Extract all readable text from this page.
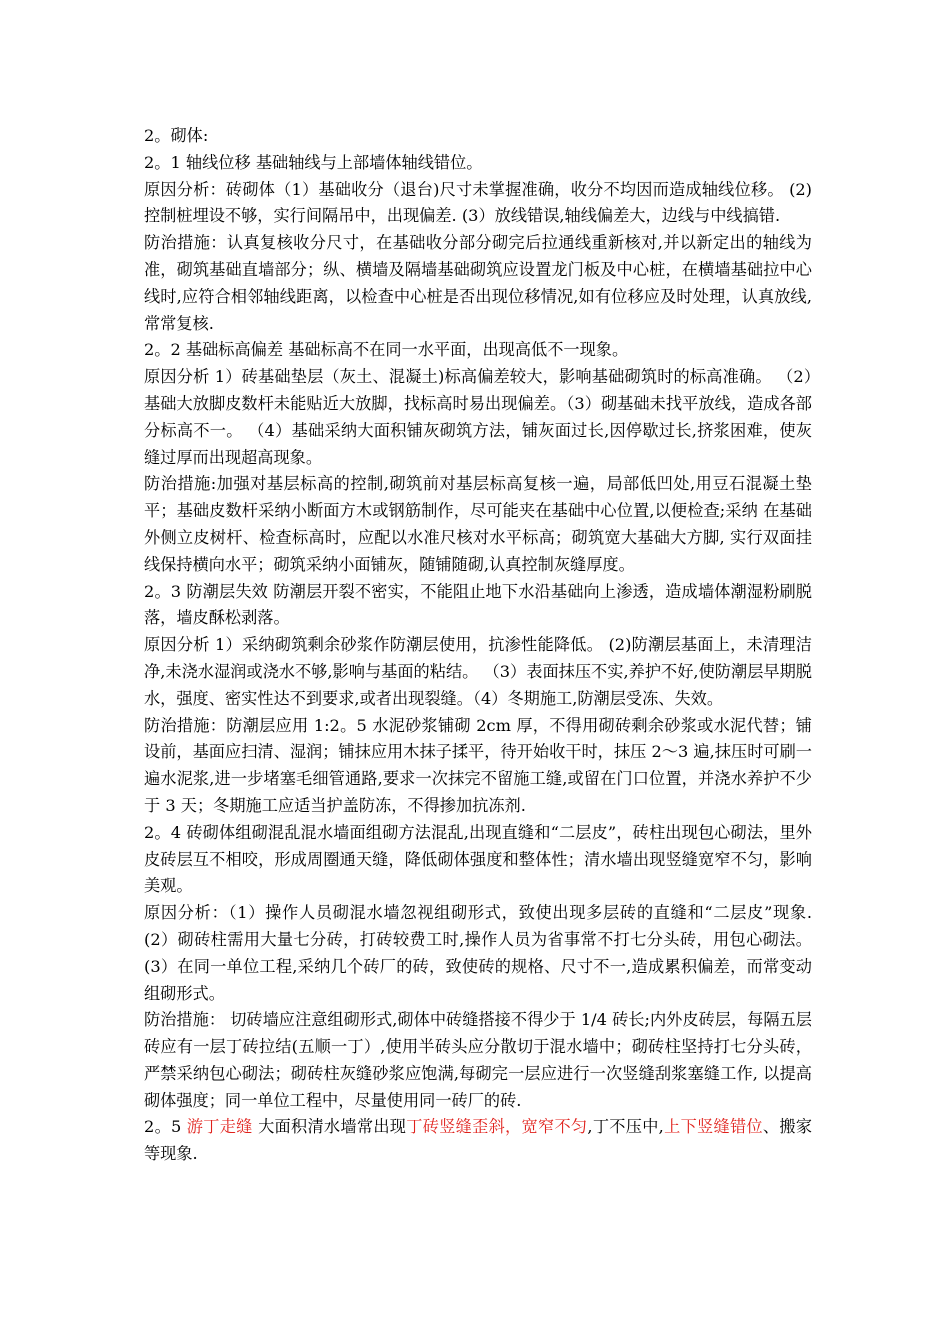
2。砌体:

2。1 轴线位移 基础轴线与上部墙体轴线错位。

原因分析：砖砌体（1）基础收分（退台)尺寸未掌握准确，收分不均因而造成轴线位移。 (2)控制桩埋设不够，实行间隔吊中，出现偏差. (3）放线错误,轴线偏差大，边线与中线搞错.

防治措施：认真复核收分尺寸，在基础收分部分砌完后拉通线重新核对,并以新定出的轴线为准，砌筑基础直墙部分；纵、横墙及隔墙基础砌筑应设置龙门板及中心桩，在横墙基础拉中心线时,应符合相邻轴线距离，以检查中心桩是否出现位移情况,如有位移应及时处理，认真放线,常常复核.

2。2 基础标高偏差 基础标高不在同一水平面，出现高低不一现象。

原因分析 1）砖基础垫层（灰土、混凝土)标高偏差较大，影响基础砌筑时的标高准确。 （2）基础大放脚皮数杆未能贴近大放脚，找标高时易出现偏差。（3）砌基础未找平放线，造成各部分标高不一。 （4）基础采纳大面积铺灰砌筑方法，铺灰面过长,因停歇过长,挤浆困难，使灰缝过厚而出现超高现象。

防治措施:加强对基层标高的控制,砌筑前对基层标高复核一遍，局部低凹处,用豆石混凝土垫 平；基础皮数杆采纳小断面方木或钢筋制作，尽可能夹在基础中心位置,以便检查;采纳 在基础外侧立皮树杆、检查标高时，应配以水准尺核对水平标高；砌筑宽大基础大方脚, 实行双面挂线保持横向水平；砌筑采纳小面铺灰，随铺随砌,认真控制灰缝厚度。

2。3 防潮层失效 防潮层开裂不密实，不能阻止地下水沿基础向上渗透，造成墙体潮湿粉刷脱落，墙皮酥松剥落。

原因分析 1）采纳砌筑剩余砂浆作防潮层使用，抗渗性能降低。 (2)防潮层基面上，未清理洁净,未浇水湿润或浇水不够,影响与基面的粘结。 （3）表面抹压不实,养护不好,使防潮层早期脱水，强度、密实性达不到要求,或者出现裂缝。（4）冬期施工,防潮层受冻、失效。

防治措施：防潮层应用 1:2。5 水泥砂浆铺砌 2cm 厚，不得用砌砖剩余砂浆或水泥代替；铺设前，基面应扫清、湿润；铺抹应用木抹子揉平，待开始收干时，抹压 2～3 遍,抹压时可刷一遍水泥浆,进一步堵塞毛细管通路,要求一次抹完不留施工缝,或留在门口位置，并浇水养护不少于 3 天；冬期施工应适当护盖防冻，不得掺加抗冻剂.

2。4 砖砌体组砌混乱混水墙面组砌方法混乱,出现直缝和“二层皮”，砖柱出现包心砌法，里外皮砖层互不相咬，形成周圈通天缝，降低砌体强度和整体性；清水墙出现竖缝宽窄不匀，影响美观。

原因分析：（1）操作人员砌混水墙忽视组砌形式，致使出现多层砖的直缝和“二层皮”现象. (2）砌砖柱需用大量七分砖，打砖较费工时,操作人员为省事常不打七分头砖，用包心砌法。(3）在同一单位工程,采纳几个砖厂的砖，致使砖的规格、尺寸不一,造成累积偏差，而常变动组砌形式。

防治措施： 切砖墙应注意组砌形式,砌体中砖缝搭接不得少于 1/4 砖长;内外皮砖层，每隔五层砖应有一层丁砖拉结(五顺一丁）,使用半砖头应分散切于混水墙中；砌砖柱坚持打七分头砖， 严禁采纳包心砌法；砌砖柱灰缝砂浆应饱满,每砌完一层应进行一次竖缝刮浆塞缝工作, 以提高砌体强度；同一单位工程中，尽量使用同一砖厂的砖.

2。5 游丁走缝 大面积清水墙常出现丁砖竖缝歪斜，宽窄不匀,丁不压中,上下竖缝错位、搬家等现象.
